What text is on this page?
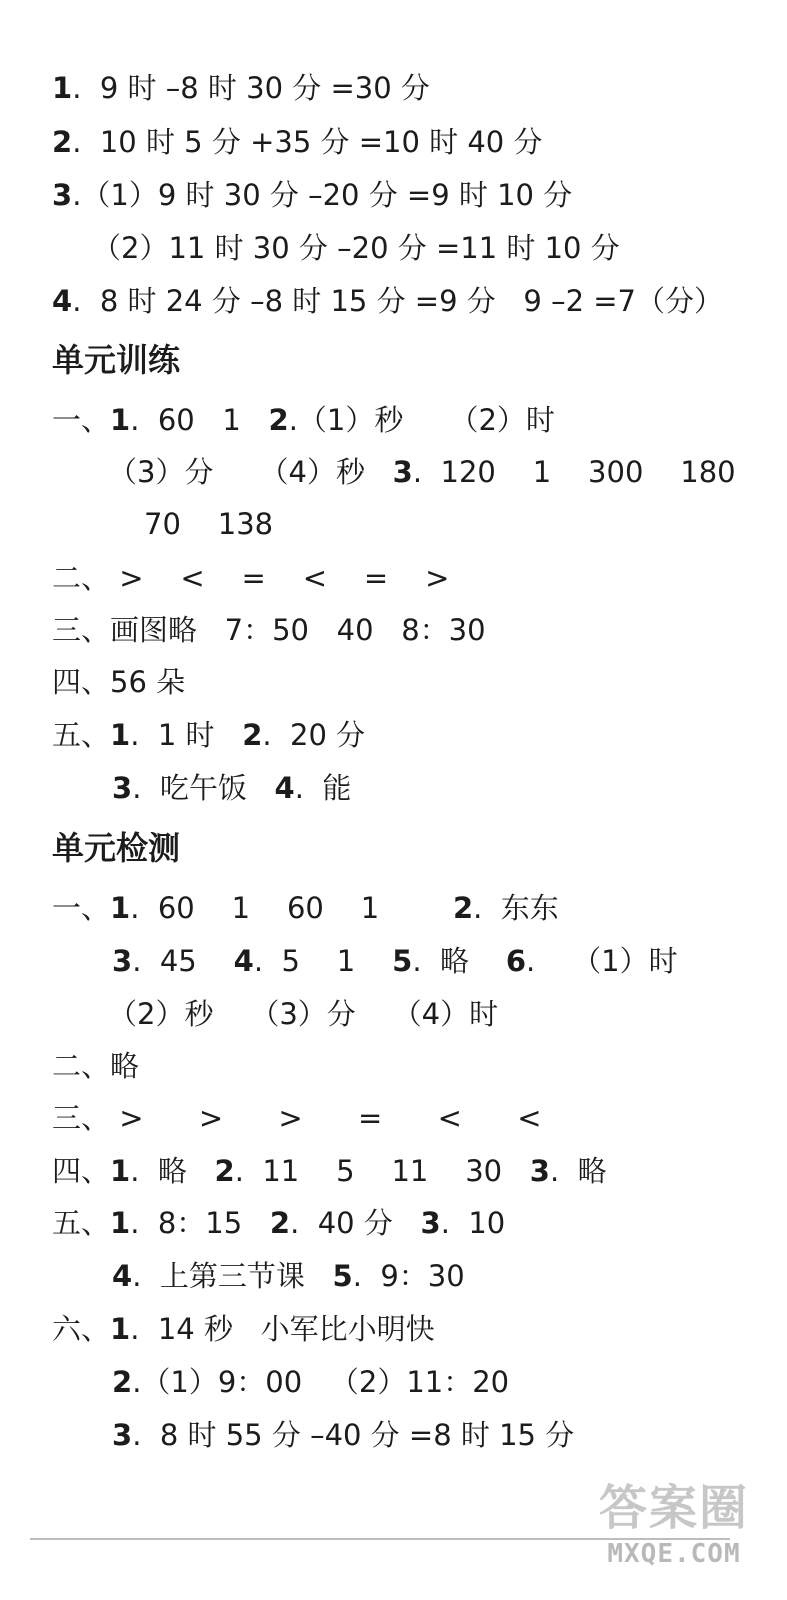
1.  9 时 –8 时 30 分 =30 分
2.  10 时 5 分 +35 分 =10 时 40 分
3.（1）9 时 30 分 –20 分 =9 时 10 分
（2）11 时 30 分 –20 分 =11 时 10 分
4.  8 时 24 分 –8 时 15 分 =9 分   9 –2 =7（分）
单元训练
一、1.  60   1   2.（1）秒     （2）时
（3）分     （4）秒   3.  120    1    300    180
70    138
二、 >    <    =    <    =    >
三、画图略   7：50   40   8：30
四、56 朵
五、1.  1 时   2.  20 分
3.  吃午饭   4.  能
单元检测
一、1.  60    1    60    1        2.  东东
3.  45    4.  5    1    5.  略    6.    （1）时
（2）秒    （3）分    （4）时
二、略
三、 >      >      >      =      <      <
四、1.  略   2.  11    5    11    30   3.  略
五、1.  8：15   2.  40 分   3.  10
4.  上第三节课   5.  9：30
六、1.  14 秒   小军比小明快
2.（1）9：00   （2）11：20
3.  8 时 55 分 –40 分 =8 时 15 分
答案圈
MXQE.COM
